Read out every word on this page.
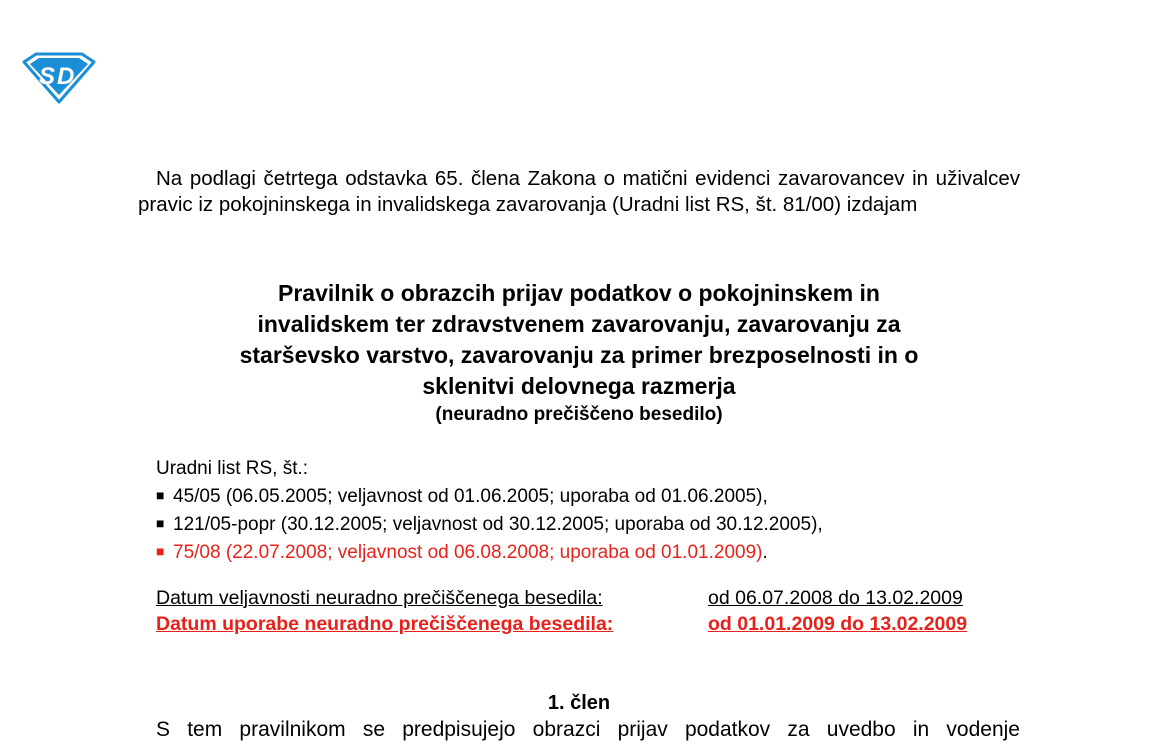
S D
Na podlagi četrtega odstavka 65. člena Zakona o matični evidenci zavarovancev in uživalcev pravic iz pokojninskega in invalidskega zavarovanja (Uradni list RS, št. 81/00) izdajam
Pravilnik o obrazcih prijav podatkov o pokojninskem in
invalidskem ter zdravstvenem zavarovanju, zavarovanju za
starševsko varstvo, zavarovanju za primer brezposelnosti in o
sklenitvi delovnega razmerja
(neuradno prečiščeno besedilo)
Uradni list RS, št.:
■ 45/05 (06.05.2005; veljavnost od 01.06.2005; uporaba od 01.06.2005),
■ 121/05-popr (30.12.2005; veljavnost od 30.12.2005; uporaba od 30.12.2005),
■ 75/08 (22.07.2008; veljavnost od 06.08.2008; uporaba od 01.01.2009).
Datum veljavnosti neuradno prečiščenega besedila:	od 06.07.2008 do 13.02.2009
Datum uporabe neuradno prečiščenega besedila:	od 01.01.2009 do 13.02.2009
1. člen
S tem pravilnikom se predpisujejo obrazci prijav podatkov za uvedbo in vodenje
